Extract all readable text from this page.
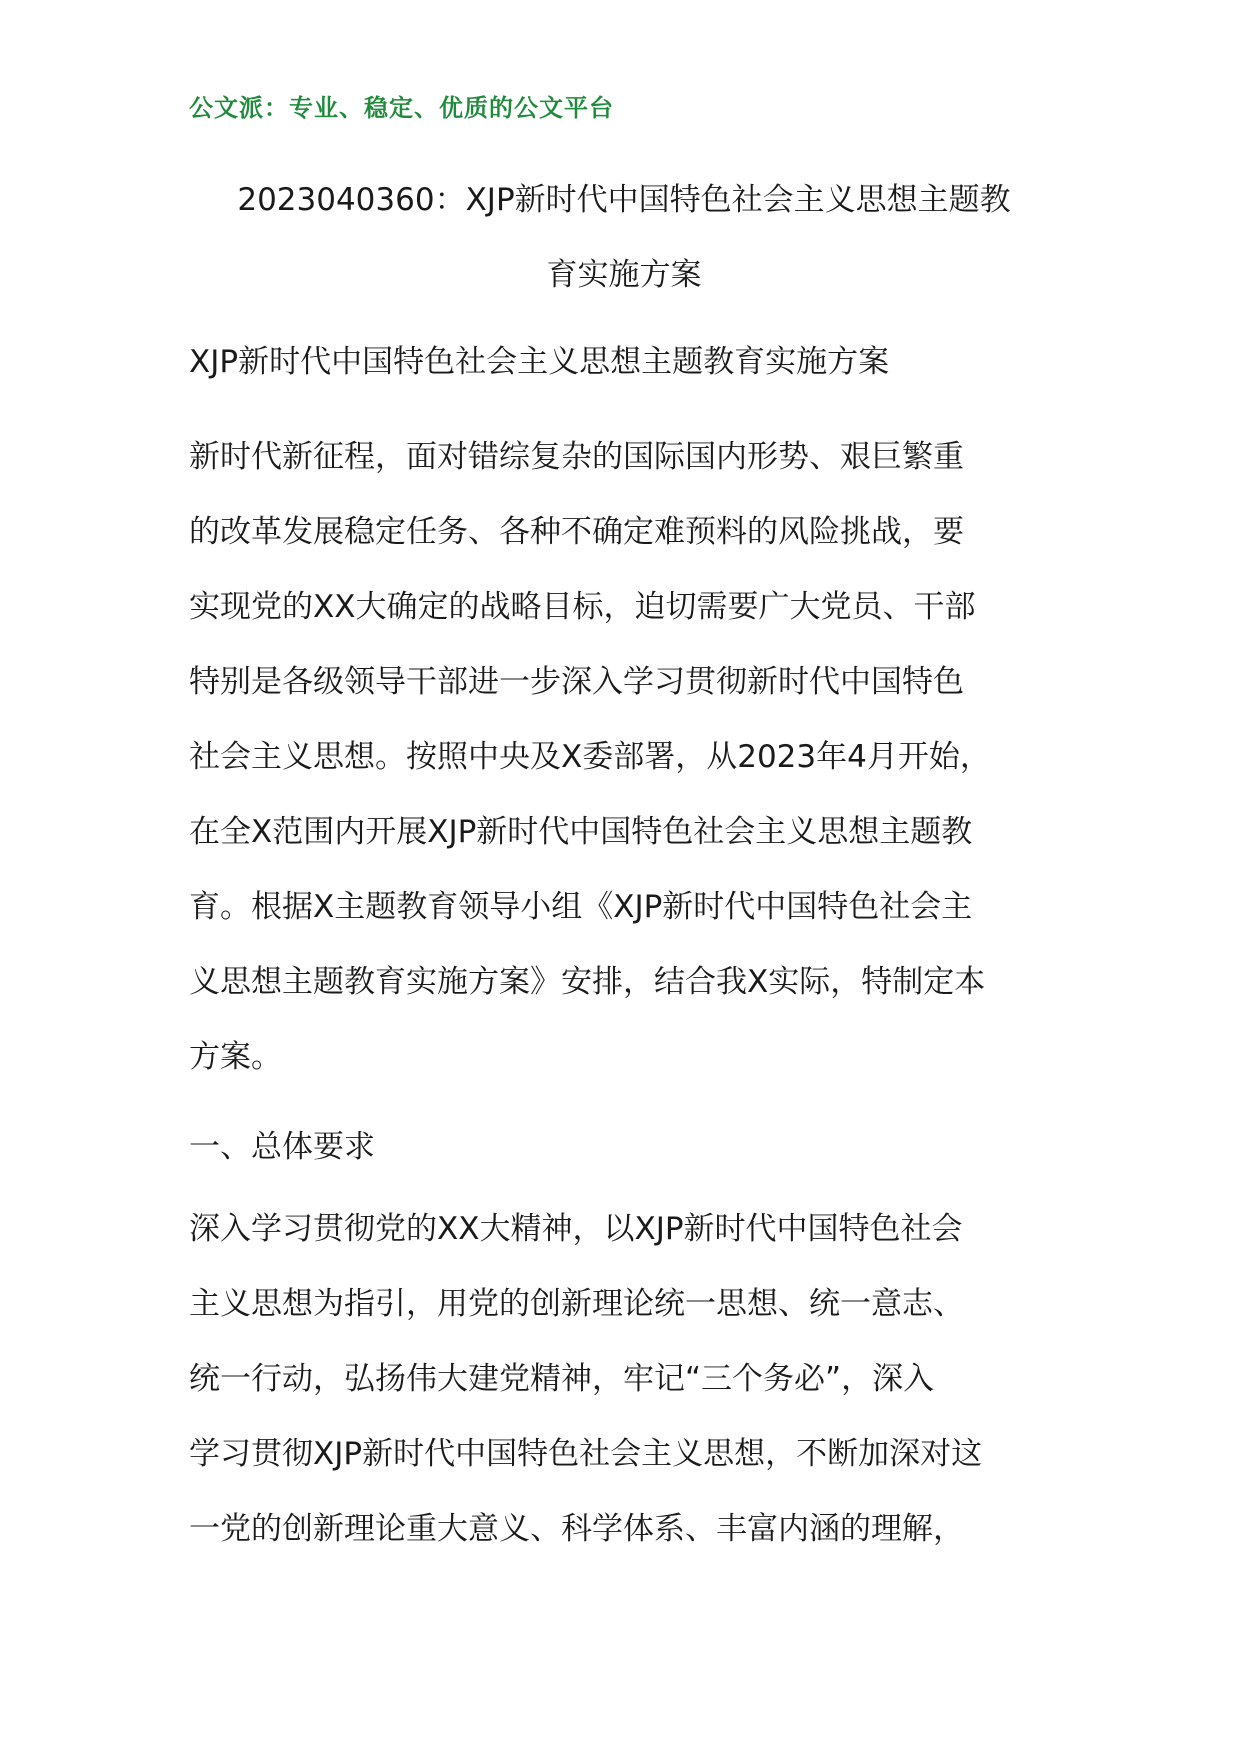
公文派：专业、稳定、优质的公文平台
2023040360：XJP新时代中国特色社会主义思想主题教
育实施方案
XJP新时代中国特色社会主义思想主题教育实施方案

新时代新征程，面对错综复杂的国际国内形势、艰巨繁重
的改革发展稳定任务、各种不确定难预料的风险挑战，要
实现党的XX大确定的战略目标，迫切需要广大党员、干部
特别是各级领导干部进一步深入学习贯彻新时代中国特色
社会主义思想。按照中央及X委部署，从2023年4月开始，
在全X范围内开展XJP新时代中国特色社会主义思想主题教
育。根据X主题教育领导小组《XJP新时代中国特色社会主
义思想主题教育实施方案》安排，结合我X实际，特制定本
方案。

一、总体要求

深入学习贯彻党的XX大精神，以XJP新时代中国特色社会
主义思想为指引，用党的创新理论统一思想、统一意志、
统一行动，弘扬伟大建党精神，牢记“三个务必”，深入
学习贯彻XJP新时代中国特色社会主义思想，不断加深对这
一党的创新理论重大意义、科学体系、丰富内涵的理解，
